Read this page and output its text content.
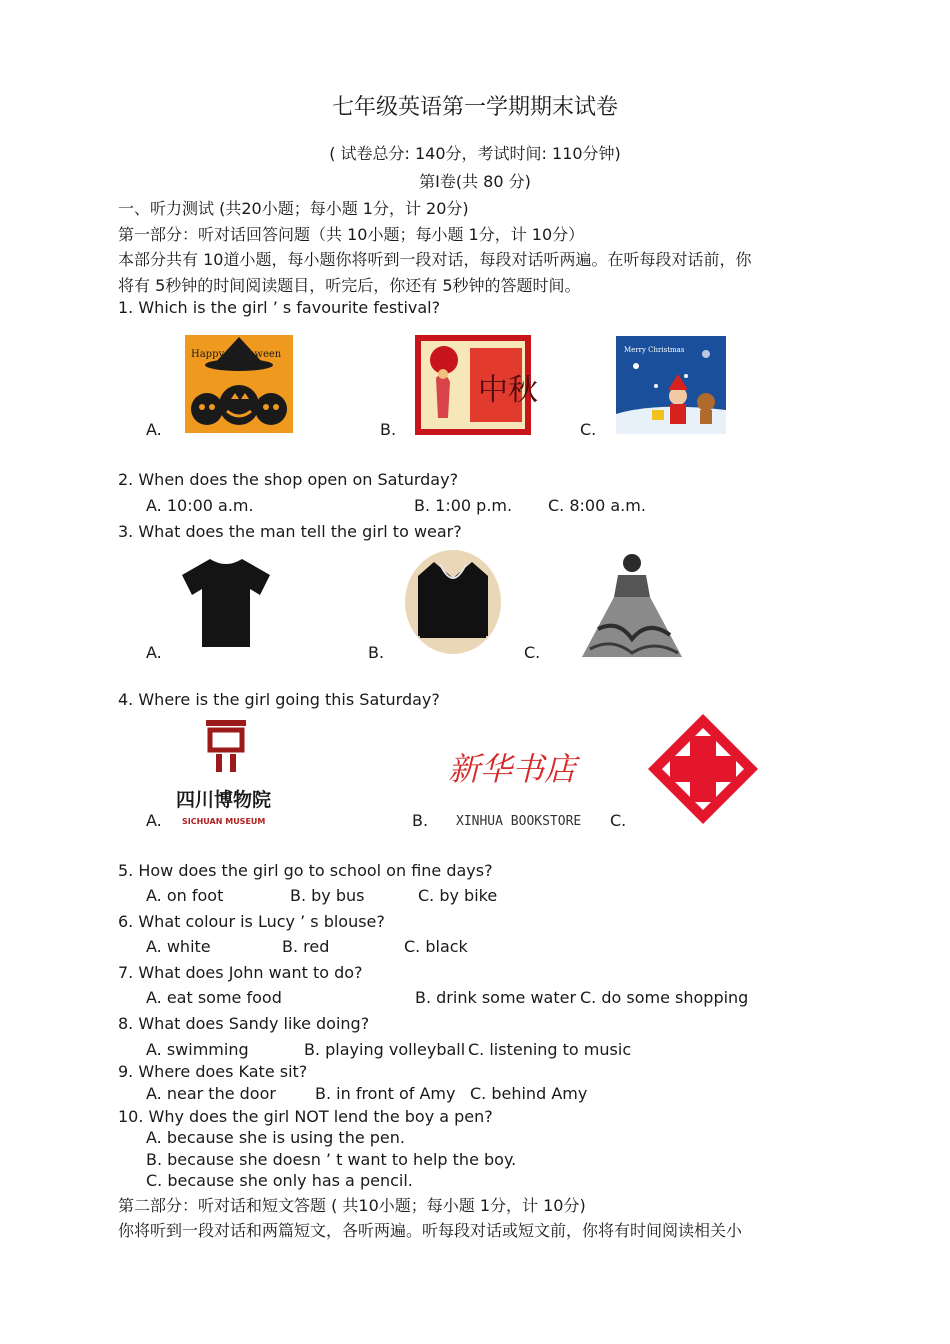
七年级英语第一学期期末试卷
( 试卷总分: 140分，考试时间: 110分钟)
第Ⅰ卷(共 80 分)
一、听力测试 (共20小题；每小题 1分，计 20分)
第一部分：听对话回答问题（共 10小题；每小题 1分，计 10分）
本部分共有 10道小题，每小题你将听到一段对话，每段对话听两遍。在听每段对话前，你
将有 5秒钟的时间阅读题目，听完后，你还有 5秒钟的答题时间。
1. Which is the girl ’ s favourite festival?
A.
Happy Halloween
B.
中秋
C.
Merry Christmas
2. When does the shop open on Saturday?
A. 10:00 a.m.	B. 1:00 p.m. C. 8:00 a.m.
3. What does the man tell the girl to wear?
A.	B.	C.
4. Where is the girl going this Saturday?
A.
四川博物院
SICHUAN MUSEUM	B.
新华书店
XINHUA BOOKSTORE C.
5. How does the girl go to school on fine days?
A. on foot	B. by bus	C. by bike
6. What colour is Lucy ’ s blouse?
A. white	B. red	C. black
7. What does John want to do?
A. eat some food	B. drink some water C. do some shopping
8. What does Sandy like doing?
A. swimming	B. playing volleyball C. listening to music
9. Where does Kate sit?
A. near the door B. in front of Amy C. behind Amy
10. Why does the girl NOT lend the boy a pen?
A. because she is using the pen.
B. because she doesn ’ t want to help the boy.
C. because she only has a pencil.
第二部分：听对话和短文答题 ( 共10小题；每小题 1分，计 10分)
你将听到一段对话和两篇短文，各听两遍。听每段对话或短文前，你将有时间阅读相关小
